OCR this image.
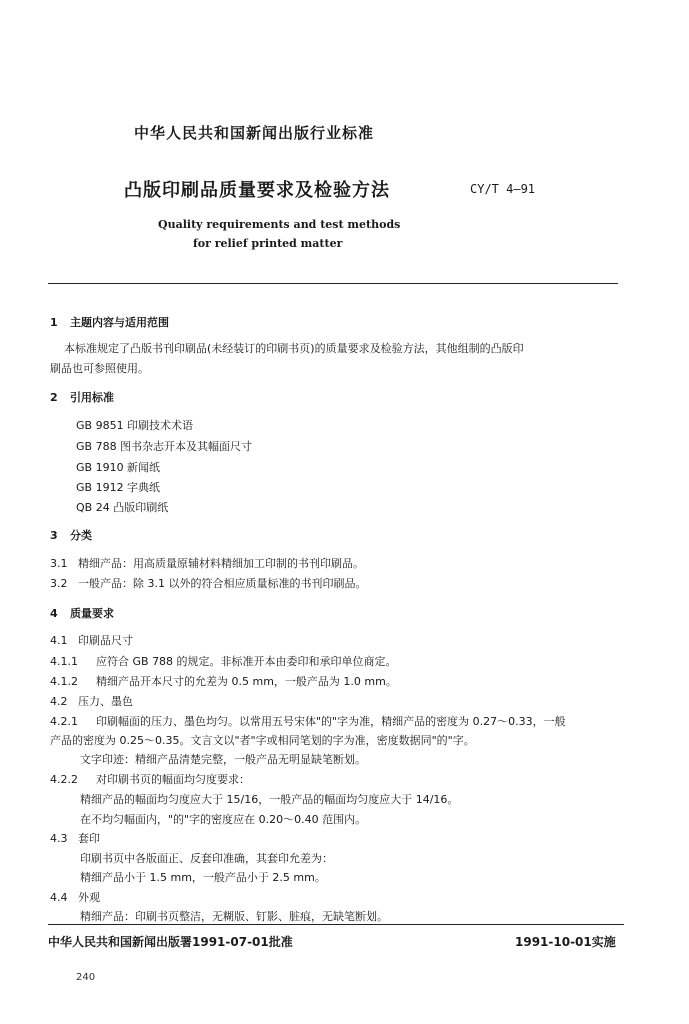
中华人民共和国新闻出版行业标准
凸版印刷品质量要求及检验方法	CY/T 4—91
Quality requirements and test methods
for relief printed matter
1 主题内容与适用范围
本标准规定了凸版书刊印刷品(未经装订的印刷书页)的质量要求及检验方法，其他组制的凸版印
刷品也可参照使用。
2 引用标准
GB 9851 印刷技术术语
GB 788 图书杂志开本及其幅面尺寸
GB 1910 新闻纸
GB 1912 字典纸
QB 24 凸版印刷纸
3 分类
3.1 精细产品：用高质量原辅材料精细加工印制的书刊印刷品。
3.2 一般产品：除 3.1 以外的符合相应质量标准的书刊印刷品。
4 质量要求
4.1 印刷品尺寸
4.1.1 应符合 GB 788 的规定。非标准开本由委印和承印单位商定。
4.1.2 精细产品开本尺寸的允差为 0.5 mm，一般产品为 1.0 mm。
4.2 压力、墨色
4.2.1 印刷幅面的压力、墨色均匀。以常用五号宋体"的"字为准，精细产品的密度为 0.27～0.33，一般
产品的密度为 0.25～0.35。文言文以"者"字或相同笔划的字为准，密度数据同"的"字。
文字印迹：精细产品清楚完整，一般产品无明显缺笔断划。
4.2.2 对印刷书页的幅面均匀度要求：
精细产品的幅面均匀度应大于 15/16，一般产品的幅面均匀度应大于 14/16。
在不均匀幅面内，"的"字的密度应在 0.20～0.40 范围内。
4.3 套印
印刷书页中各版面正、反套印准确，其套印允差为：
精细产品小于 1.5 mm，一般产品小于 2.5 mm。
4.4 外观
精细产品：印刷书页整洁，无糊版、钉影、脏痕，无缺笔断划。
中华人民共和国新闻出版署1991-07-01批准	1991-10-01实施
240
